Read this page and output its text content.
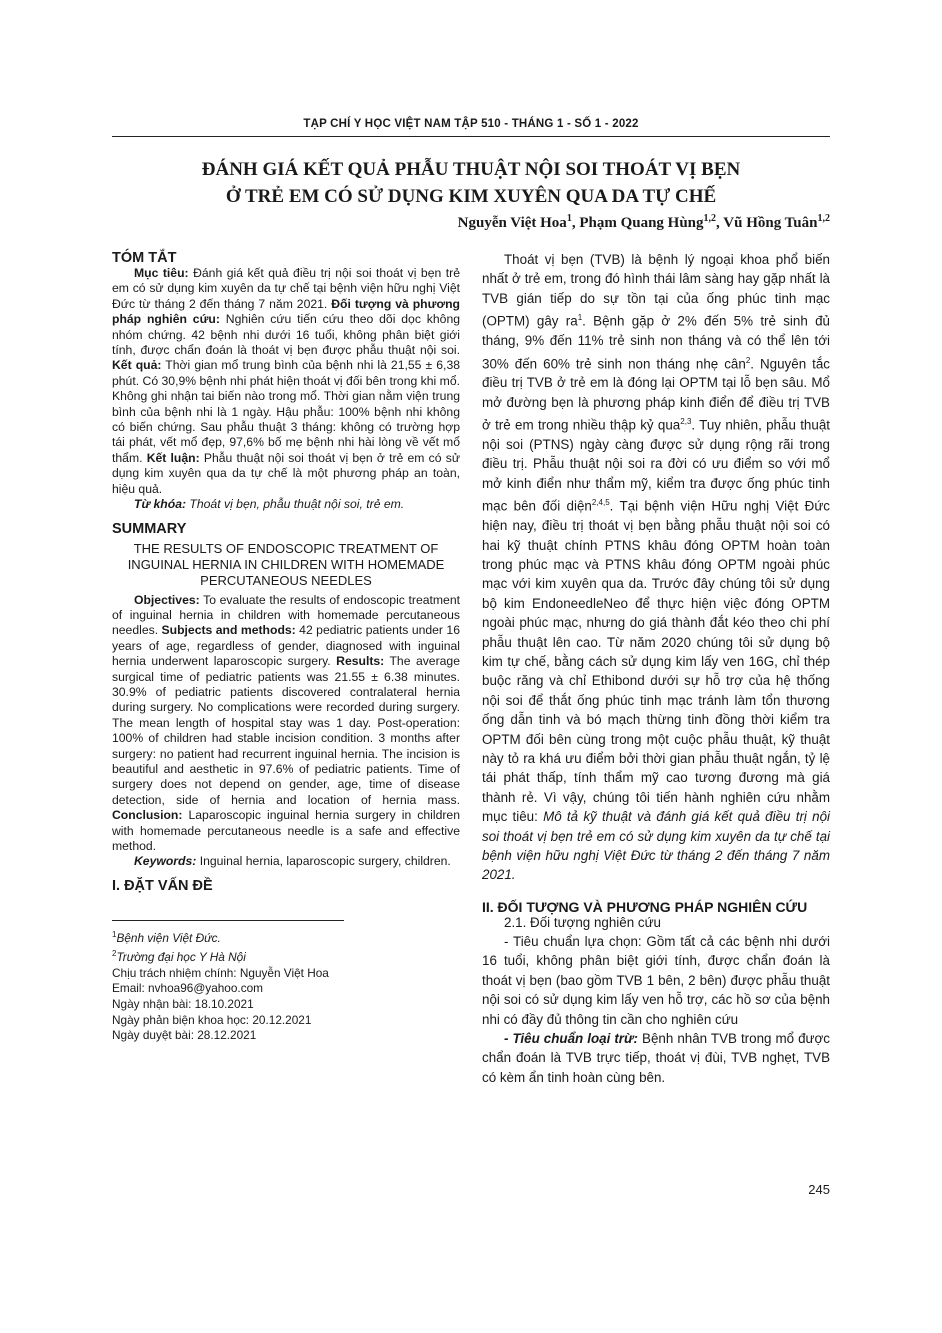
TẠP CHÍ Y HỌC VIỆT NAM TẬP 510 - THÁNG 1 - SỐ 1 - 2022
ĐÁNH GIÁ KẾT QUẢ PHẪU THUẬT NỘI SOI THOÁT VỊ BẸN
Ở TRẺ EM CÓ SỬ DỤNG KIM XUYÊN QUA DA TỰ CHẾ
Nguyễn Việt Hoa$^1$, Phạm Quang Hùng$^{1,2}$, Vũ Hồng Tuân$^{1,2}$

TÓM TẮT

Mục tiêu: Đánh giá kết quả điều trị nội soi thoát vị bẹn trẻ em có sử dụng kim xuyên da tự chế tại bệnh viện hữu nghị Việt Đức từ tháng 2 đến tháng 7 năm 2021. Đối tượng và phương pháp nghiên cứu: Nghiên cứu tiến cứu theo dõi dọc không nhóm chứng. 42 bệnh nhi dưới 16 tuổi, không phân biệt giới tính, được chẩn đoán là thoát vị bẹn được phẫu thuật nội soi. Kết quả: Thời gian mổ trung bình của bệnh nhi là 21,55 ± 6,38 phút. Có 30,9% bệnh nhi phát hiện thoát vị đối bên trong khi mổ. Không ghi nhận tai biến nào trong mổ. Thời gian nằm viện trung bình của bệnh nhi là 1 ngày. Hậu phẫu: 100% bệnh nhi không có biến chứng. Sau phẫu thuật 3 tháng: không có trường hợp tái phát, vết mổ đẹp, 97,6% bố mẹ bệnh nhi hài lòng về vết mổ thẩm. Kết luận: Phẫu thuật nội soi thoát vị bẹn ở trẻ em có sử dụng kim xuyên qua da tự chế là một phương pháp an toàn, hiệu quả.

Từ khóa: Thoát vị bẹn, phẫu thuật nội soi, trẻ em.

SUMMARY

THE RESULTS OF ENDOSCOPIC TREATMENT OF INGUINAL HERNIA IN CHILDREN WITH HOMEMADE PERCUTANEOUS NEEDLES

Objectives: To evaluate the results of endoscopic treatment of inguinal hernia in children with homemade percutaneous needles. Subjects and methods: 42 pediatric patients under 16 years of age, regardless of gender, diagnosed with inguinal hernia underwent laparoscopic surgery. Results: The average surgical time of pediatric patients was 21.55 ± 6.38 minutes. 30.9% of pediatric patients discovered contralateral hernia during surgery. No complications were recorded during surgery. The mean length of hospital stay was 1 day. Post-operation: 100% of children had stable incision condition. 3 months after surgery: no patient had recurrent inguinal hernia. The incision is beautiful and aesthetic in 97.6% of pediatric patients. Time of surgery does not depend on gender, age, time of disease detection, side of hernia and location of hernia mass. Conclusion: Laparoscopic inguinal hernia surgery in children with homemade percutaneous needle is a safe and effective method.

Keywords: Inguinal hernia, laparoscopic surgery, children.

I. ĐẶT VẤN ĐỀ

$^1$Bệnh viện Việt Đức.

$^2$Trường đại học Y Hà Nội

Chịu trách nhiệm chính: Nguyễn Việt Hoa

Email: nvhoa96@yahoo.com

Ngày nhận bài: 18.10.2021

Ngày phản biện khoa học: 20.12.2021

Ngày duyệt bài: 28.12.2021

Thoát vị bẹn (TVB) là bệnh lý ngoại khoa phổ biến nhất ở trẻ em, trong đó hình thái lâm sàng hay gặp nhất là TVB gián tiếp do sự tồn tại của ống phúc tinh mạc (OPTM) gây $ra^1$. Bệnh gặp ở 2% đến 5% trẻ sinh đủ tháng, 9% đến 11% trẻ sinh non tháng và có thể lên tới 30% đến 60% trẻ sinh non tháng nhẹ cân$^2$. Nguyên tắc điều trị TVB ở trẻ em là đóng lại OPTM tại lỗ bẹn sâu. Mổ mở đường bẹn là phương pháp kinh điển để điều trị TVB ở trẻ em trong nhiều thập kỷ qua$^{2,3}$. Tuy nhiên, phẫu thuật nội soi (PTNS) ngày càng được sử dụng rộng rãi trong điều trị. Phẫu thuật nội soi ra đời có ưu điểm so với mổ mở kinh điển như thẩm mỹ, kiểm tra được ống phúc tinh mạc bên đối diện$^{2,4,5}$. Tại bệnh viện Hữu nghị Việt Đức hiện nay, điều trị thoát vị bẹn bằng phẫu thuật nội soi có hai kỹ thuật chính PTNS khâu đóng OPTM hoàn toàn trong phúc mạc và PTNS khâu đóng OPTM ngoài phúc mạc với kim xuyên qua da. Trước đây chúng tôi sử dụng bộ kim EndoneedleNeo để thực hiện việc đóng OPTM ngoài phúc mạc, nhưng do giá thành đắt kéo theo chi phí phẫu thuật lên cao. Từ năm 2020 chúng tôi sử dụng bộ kim tự chế, bằng cách sử dụng kim lấy ven 16G, chỉ thép buộc răng và chỉ Ethibond dưới sự hỗ trợ của hệ thống nội soi để thắt ống phúc tinh mạc tránh làm tổn thương ống dẫn tinh và bó mạch thừng tinh đồng thời kiểm tra OPTM đối bên cùng trong một cuộc phẫu thuật, kỹ thuật này tỏ ra khá ưu điểm bởi thời gian phẫu thuật ngắn, tỷ lệ tái phát thấp, tính thẩm mỹ cao tương đương mà giá thành rẻ. Vì vậy, chúng tôi tiến hành nghiên cứu nhằm mục tiêu: Mô tả kỹ thuật và đánh giá kết quả điều trị nội soi thoát vị bẹn trẻ em có sử dụng kim xuyên da tự chế tại bệnh viện hữu nghị Việt Đức từ tháng 2 đến tháng 7 năm 2021.

II. ĐỐI TƯỢNG VÀ PHƯƠNG PHÁP NGHIÊN CỨU

2.1. Đối tượng nghiên cứu

- Tiêu chuẩn lựa chọn: Gồm tất cả các bệnh nhi dưới 16 tuổi, không phân biệt giới tính, được chẩn đoán là thoát vị bẹn (bao gồm TVB 1 bên, 2 bên) được phẫu thuật nội soi có sử dụng kim lấy ven hỗ trợ, các hồ sơ của bệnh nhi có đầy đủ thông tin cần cho nghiên cứu

- Tiêu chuẩn loại trừ: Bệnh nhân TVB trong mổ được chẩn đoán là TVB trực tiếp, thoát vị đùi, TVB nghẹt, TVB có kèm ẩn tinh hoàn cùng bên.

245
